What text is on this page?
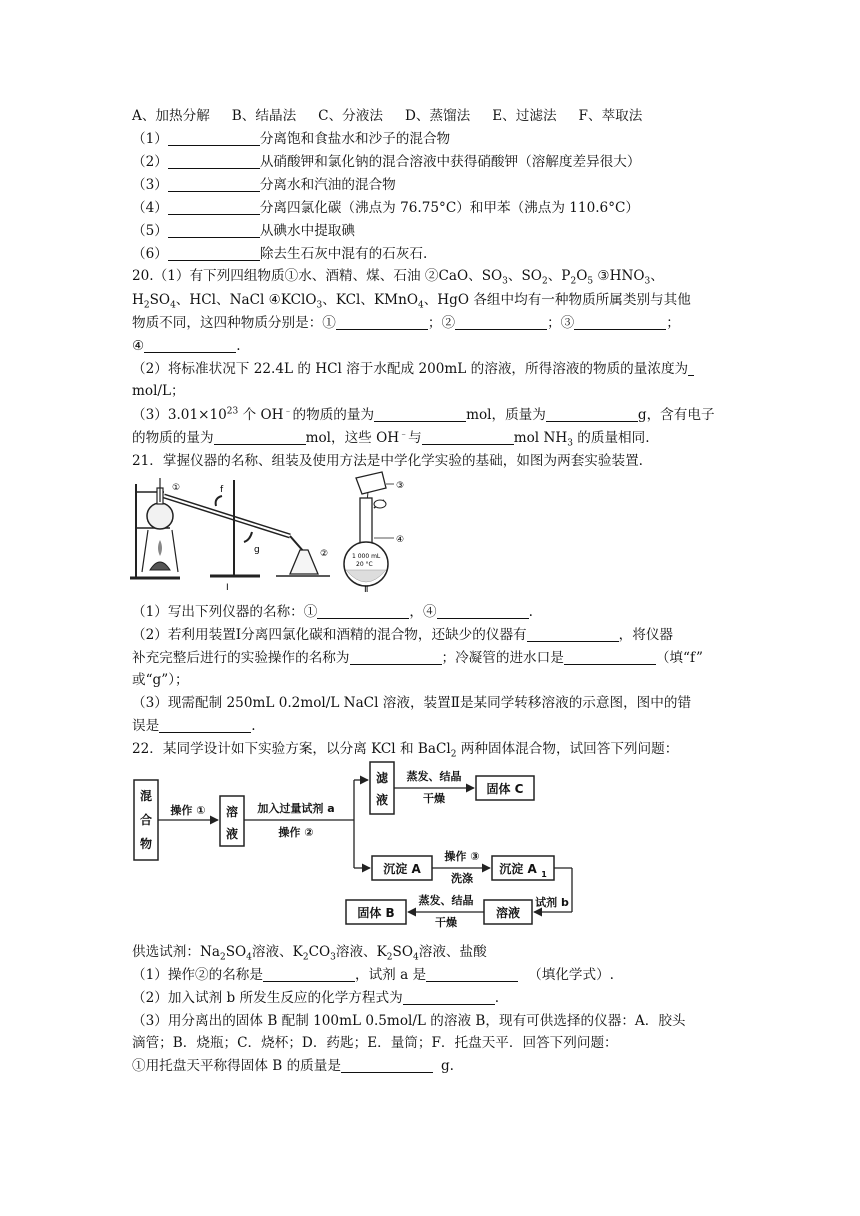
A、加热分解 B、结晶法 C、分液法 D、蒸馏法 E、过滤法 F、萃取法
（1）	分离饱和食盐水和沙子的混合物
（2）	从硝酸钾和氯化钠的混合溶液中获得硝酸钾（溶解度差异很大）
（3）	分离水和汽油的混合物
（4）	分离四氯化碳（沸点为 76.75°C）和甲苯（沸点为 110.6°C）
（5）	从碘水中提取碘
（6）	除去生石灰中混有的石灰石.
20.（1）有下列四组物质①水、酒精、煤、石油 ②CaO、$SO_3$、$SO_2$、$P_2O_5$ $③HNO_3$、
$H_2SO_4$、HCl、NaCl ④KClO$_3$、KCl、KMnO$_4$、HgO 各组中均有一种物质所属类别与其他
物质不同，这四种物质分别是：①	；②	；③	；
④	.
（2）将标准状况下 22.4L 的 HCl 溶于水配成 200mL 的溶液，所得溶液的物质的量浓度为
mol/L；
$(3)3.01\times 10^{23}$ 个 OH﹣的物质的量为	mol，质量为	g，含有电子
的物质的量为	mol，这些 OH﹣与	mol $NH_3$ 的质量相同.
21．掌握仪器的名称、组装及使用方法是中学化学实验的基础，如图为两套实验装置.
①	f
g	②
Ⅰ
1 000 mL
20 °C
③
④
Ⅱ
（1）写出下列仪器的名称：①	，④	.
（2）若利用装置Ⅰ分离四氯化碳和酒精的混合物，还缺少的仪器有	，将仪器
补充完整后进行的实验操作的名称为	；冷凝管的进水口是	（填“f”
或“g”）；
（3）现需配制 250mL 0.2mol/L NaCl 溶液，装置Ⅱ是某同学转移溶液的示意图，图中的错
误是	.
22．某同学设计如下实验方案，以分离 KCl 和 BaCl$_2$ 两种固体混合物，试回答下列问题：
混
合
物
操作 ① 溶
液
加入过量试剂 a
操作 ②
滤
液
蒸发、结晶
干燥
固体 C
沉淀 A
操作 ③
洗涤
沉淀 A 1
试剂 b
溶液
蒸发、结晶
干燥
固体 B
供选试剂：$Na_2SO_4$溶液、$K_2CO_3$溶液、$K_2SO_4$溶液、盐酸
（1）操作②的名称是	，试剂 a 是	（填化学式）.
（2）加入试剂 b 所发生反应的化学方程式为	.
（3）用分离出的固体 B 配制 100mL 0.5mol/L 的溶液 B，现有可供选择的仪器：A．胶头
滴管；B．烧瓶；C．烧杯；D．药匙；E．量筒；F．托盘天平．回答下列问题：
①用托盘天平称得固体 B 的质量是	g.
